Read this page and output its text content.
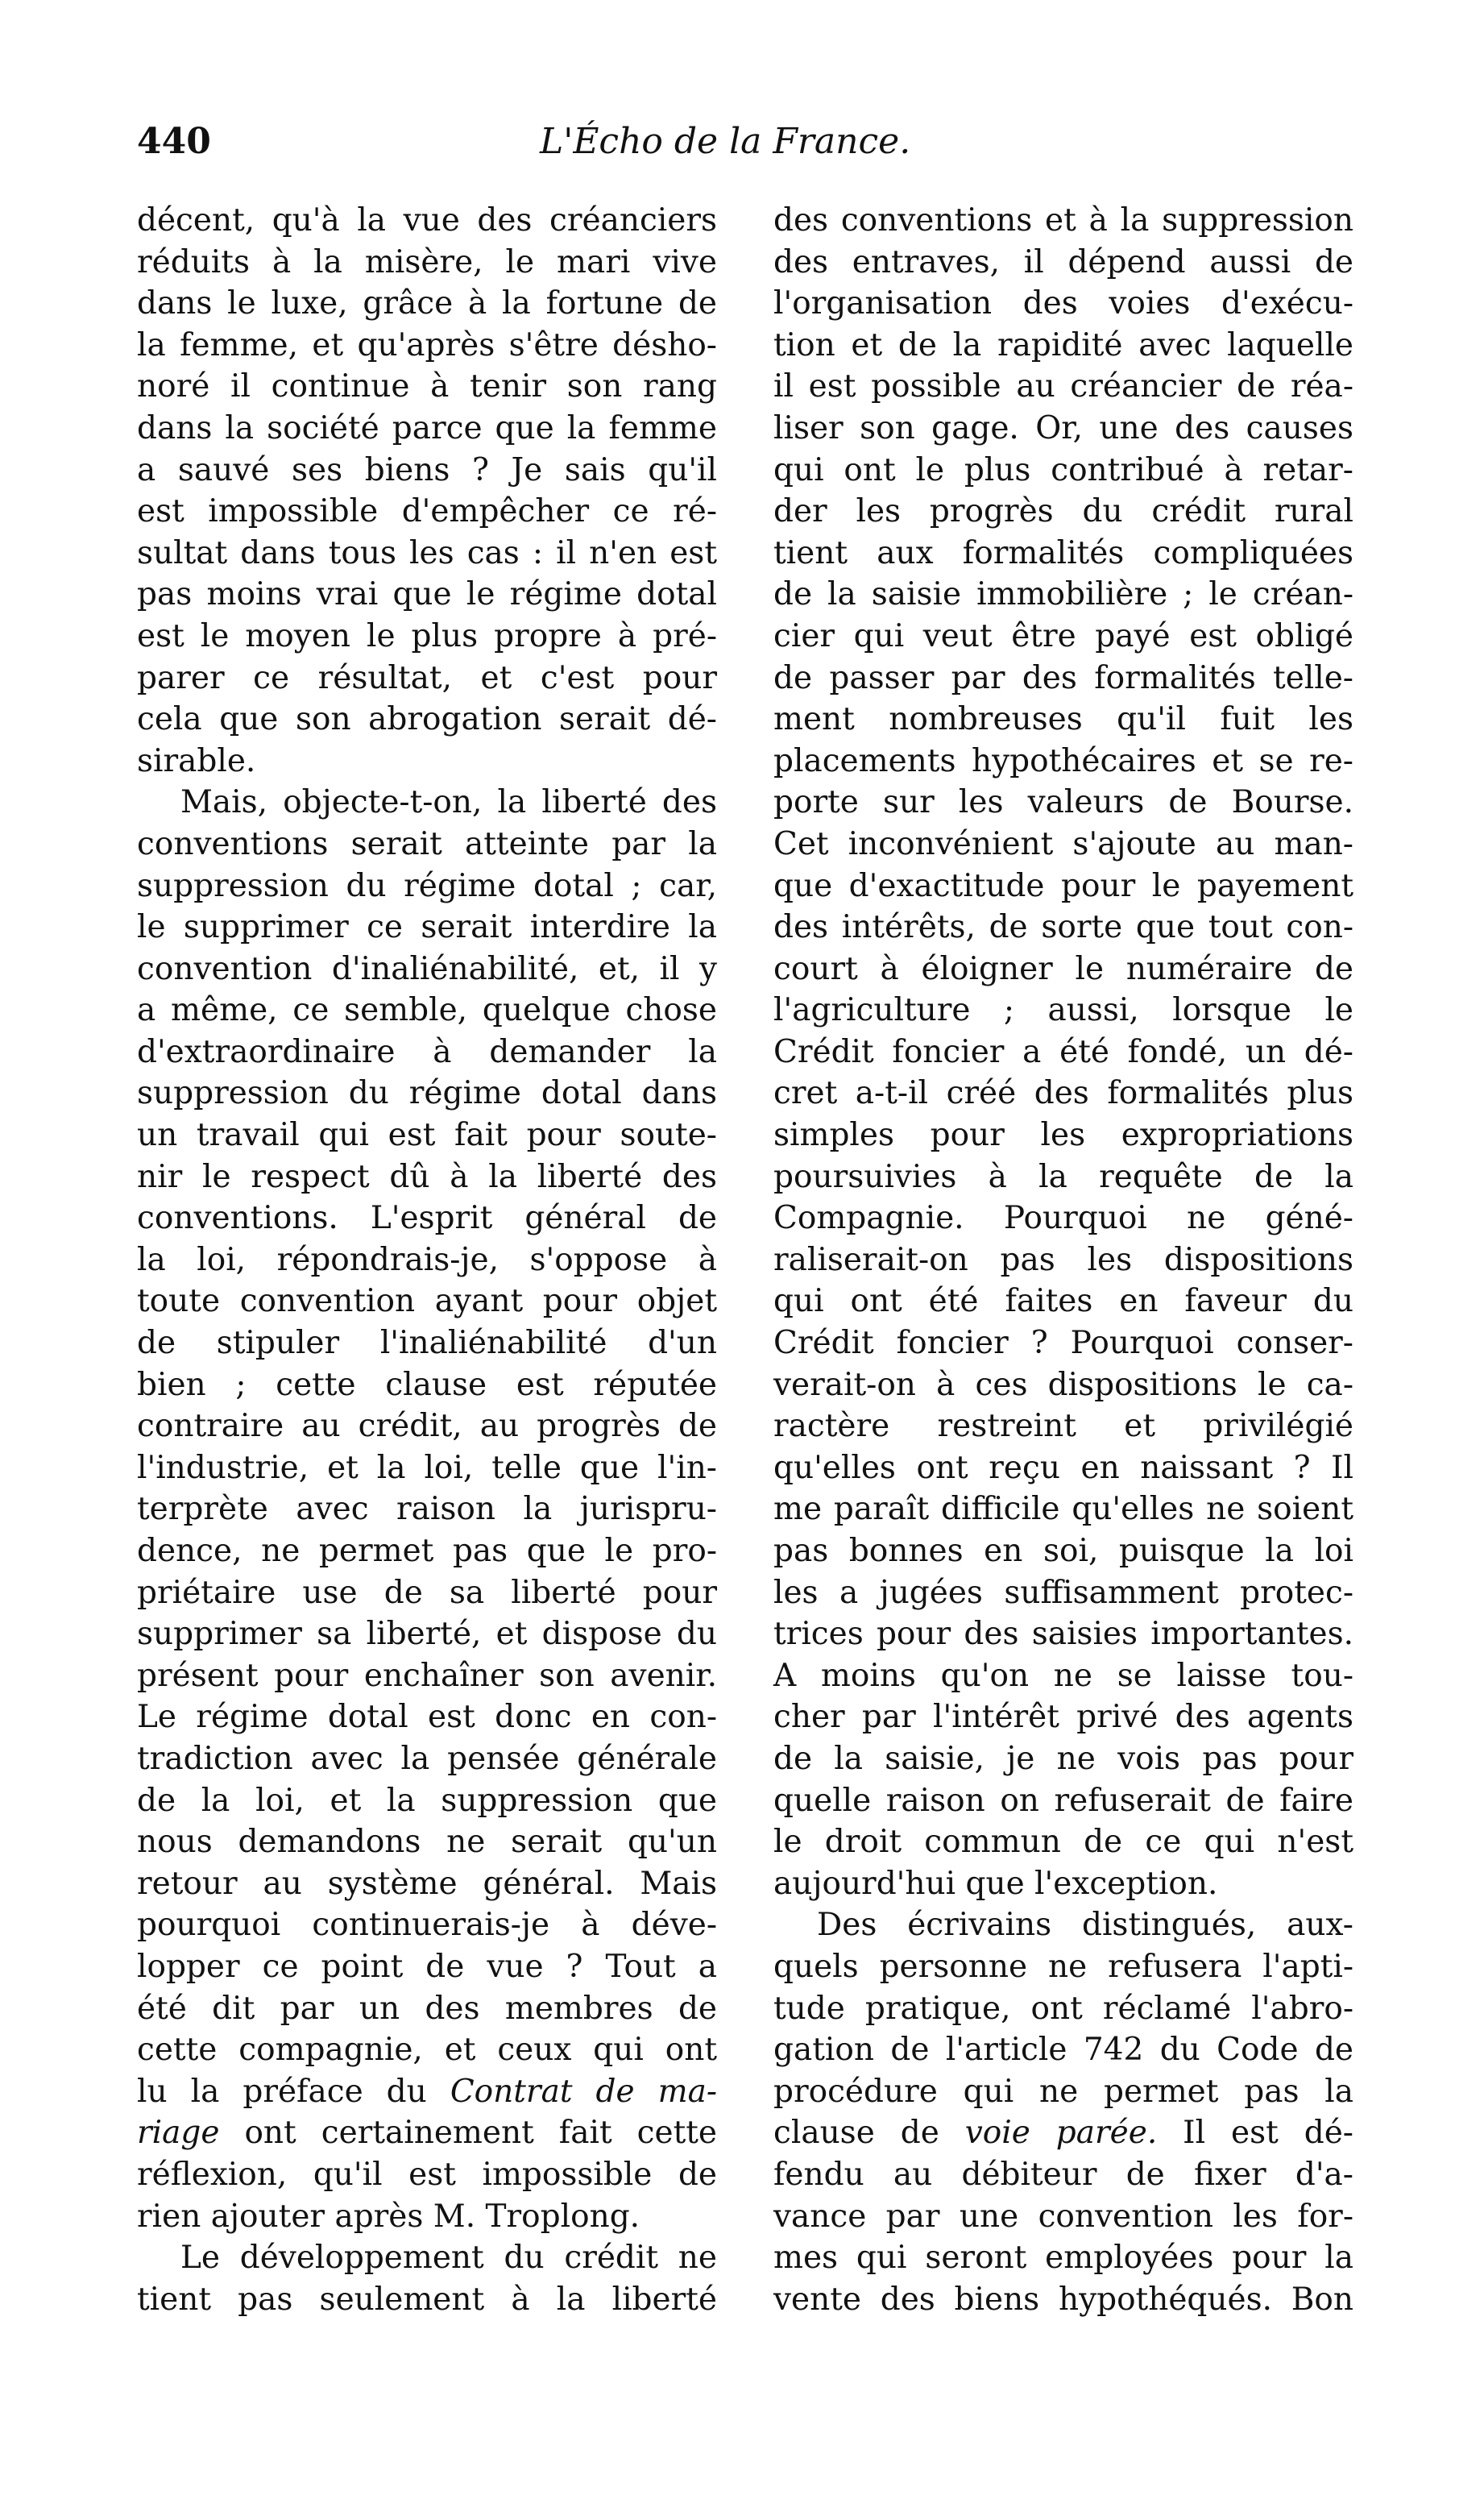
440	L'Écho de la France.
décent, qu'à la vue des créanciers
réduits à la misère, le mari vive
dans le luxe, grâce à la fortune de
la femme, et qu'après s'être désho-
noré il continue à tenir son rang
dans la société parce que la femme
a sauvé ses biens ? Je sais qu'il
est impossible d'empêcher ce ré-
sultat dans tous les cas : il n'en est
pas moins vrai que le régime dotal
est le moyen le plus propre à pré-
parer ce résultat, et c'est pour
cela que son abrogation serait dé-
sirable.
Mais, objecte-t-on, la liberté des
conventions serait atteinte par la
suppression du régime dotal ; car,
le supprimer ce serait interdire la
convention d'inaliénabilité, et, il y
a même, ce semble, quelque chose
d'extraordinaire à demander la
suppression du régime dotal dans
un travail qui est fait pour soute-
nir le respect dû à la liberté des
conventions. L'esprit général de
la loi, répondrais-je, s'oppose à
toute convention ayant pour objet
de stipuler l'inaliénabilité d'un
bien ; cette clause est réputée
contraire au crédit, au progrès de
l'industrie, et la loi, telle que l'in-
terprète avec raison la jurispru-
dence, ne permet pas que le pro-
priétaire use de sa liberté pour
supprimer sa liberté, et dispose du
présent pour enchaîner son avenir.
Le régime dotal est donc en con-
tradiction avec la pensée générale
de la loi, et la suppression que
nous demandons ne serait qu'un
retour au système général. Mais
pourquoi continuerais-je à déve-
lopper ce point de vue ? Tout a
été dit par un des membres de
cette compagnie, et ceux qui ont
lu la préface du Contrat de ma-
riage ont certainement fait cette
réflexion, qu'il est impossible de
rien ajouter après M. Troplong.
Le développement du crédit ne
tient pas seulement à la liberté
des conventions et à la suppression
des entraves, il dépend aussi de
l'organisation des voies d'exécu-
tion et de la rapidité avec laquelle
il est possible au créancier de réa-
liser son gage. Or, une des causes
qui ont le plus contribué à retar-
der les progrès du crédit rural
tient aux formalités compliquées
de la saisie immobilière ; le créan-
cier qui veut être payé est obligé
de passer par des formalités telle-
ment nombreuses qu'il fuit les
placements hypothécaires et se re-
porte sur les valeurs de Bourse.
Cet inconvénient s'ajoute au man-
que d'exactitude pour le payement
des intérêts, de sorte que tout con-
court à éloigner le numéraire de
l'agriculture ; aussi, lorsque le
Crédit foncier a été fondé, un dé-
cret a-t-il créé des formalités plus
simples pour les expropriations
poursuivies à la requête de la
Compagnie. Pourquoi ne géné-
raliserait-on pas les dispositions
qui ont été faites en faveur du
Crédit foncier ? Pourquoi conser-
verait-on à ces dispositions le ca-
ractère restreint et privilégié
qu'elles ont reçu en naissant ? Il
me paraît difficile qu'elles ne soient
pas bonnes en soi, puisque la loi
les a jugées suffisamment protec-
trices pour des saisies importantes.
A moins qu'on ne se laisse tou-
cher par l'intérêt privé des agents
de la saisie, je ne vois pas pour
quelle raison on refuserait de faire
le droit commun de ce qui n'est
aujourd'hui que l'exception.
Des écrivains distingués, aux-
quels personne ne refusera l'apti-
tude pratique, ont réclamé l'abro-
gation de l'article 742 du Code de
procédure qui ne permet pas la
clause de voie parée. Il est dé-
fendu au débiteur de fixer d'a-
vance par une convention les for-
mes qui seront employées pour la
vente des biens hypothéqués. Bon
